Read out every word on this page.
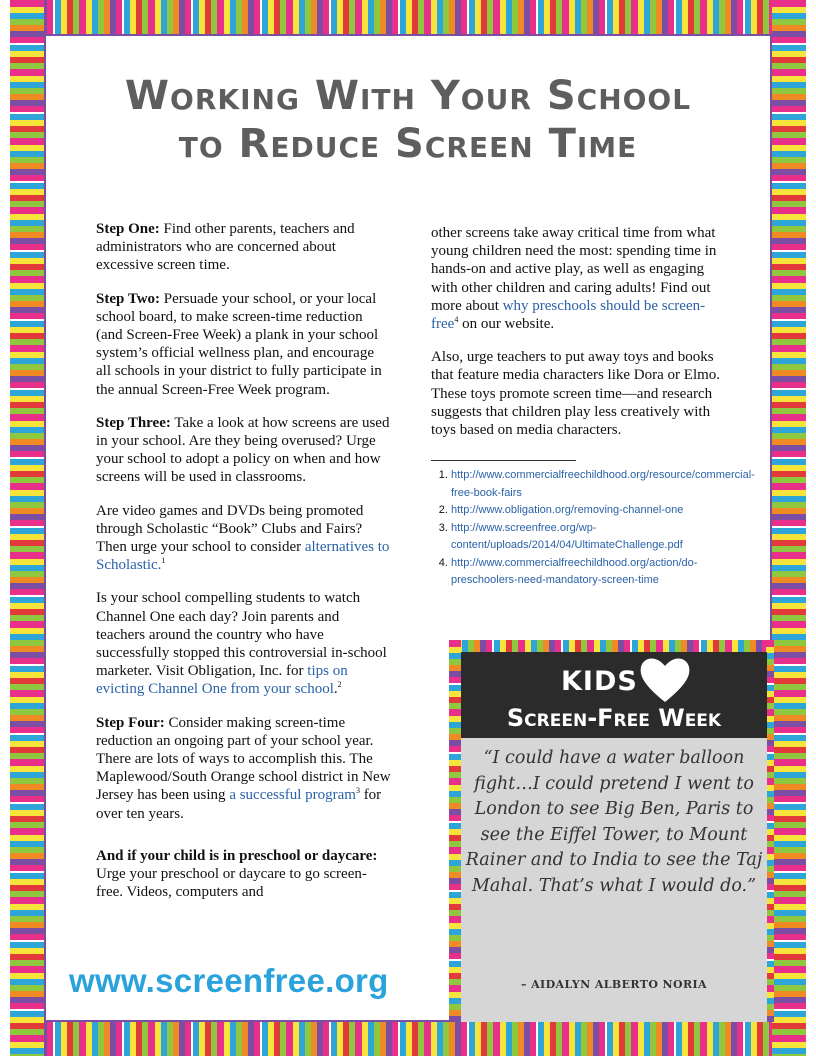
Working With Your School
to Reduce Screen Time

Step One: Find other parents, teachers and administrators who are concerned about excessive screen time.

Step Two: Persuade your school, or your local school board, to make screen-time reduction (and Screen-Free Week) a plank in your school system’s official wellness plan, and encourage all schools in your district to fully participate in the annual Screen-Free Week program.

Step Three: Take a look at how screens are used in your school. Are they being overused? Urge your school to adopt a policy on when and how screens will be used in classrooms.

Are video games and DVDs being promoted through Scholastic “Book” Clubs and Fairs? Then urge your school to consider alternatives to Scholastic.$^1$

Is your school compelling students to watch Channel One each day? Join parents and teachers around the country who have successfully stopped this controversial in-school marketer. Visit Obligation, Inc. for tips on evicting Channel One from your school.$^2$

Step Four: Consider making screen-time reduction an ongoing part of your school year. There are lots of ways to accomplish this. The Maplewood/South Orange school district in New Jersey has been using a successful program$^3$ for over ten years.

And if your child is in preschool or daycare: Urge your preschool or daycare to go screen-free. Videos, computers and

other screens take away critical time from what young children need the most: spending time in hands-on and active play, as well as engaging with other children and caring adults! Find out more about why preschools should be screen-free$^4$ on our website.

Also, urge teachers to put away toys and books that feature media characters like Dora or Elmo. These toys promote screen time—and research suggests that children play less creatively with toys based on media characters.

1. http://www.commercialfreechildhood.org/resource/commercial-free-book-fairs
2. http://www.obligation.org/removing-channel-one
3. http://www.screenfree.org/wp-content/uploads/2014/04/UltimateChallenge.pdf
4. http://www.commercialfreechildhood.org/action/do-preschoolers-need-mandatory-screen-time
www.screenfree.org
KIDS
Screen-Free Week
“I could have a water balloon fight…I could pretend I went to London to see Big Ben, Paris to see the Eiffel Tower, to Mount Rainer and to India to see the Taj Mahal. That’s what I would do.”
– AIDALYN ALBERTO NORIA
